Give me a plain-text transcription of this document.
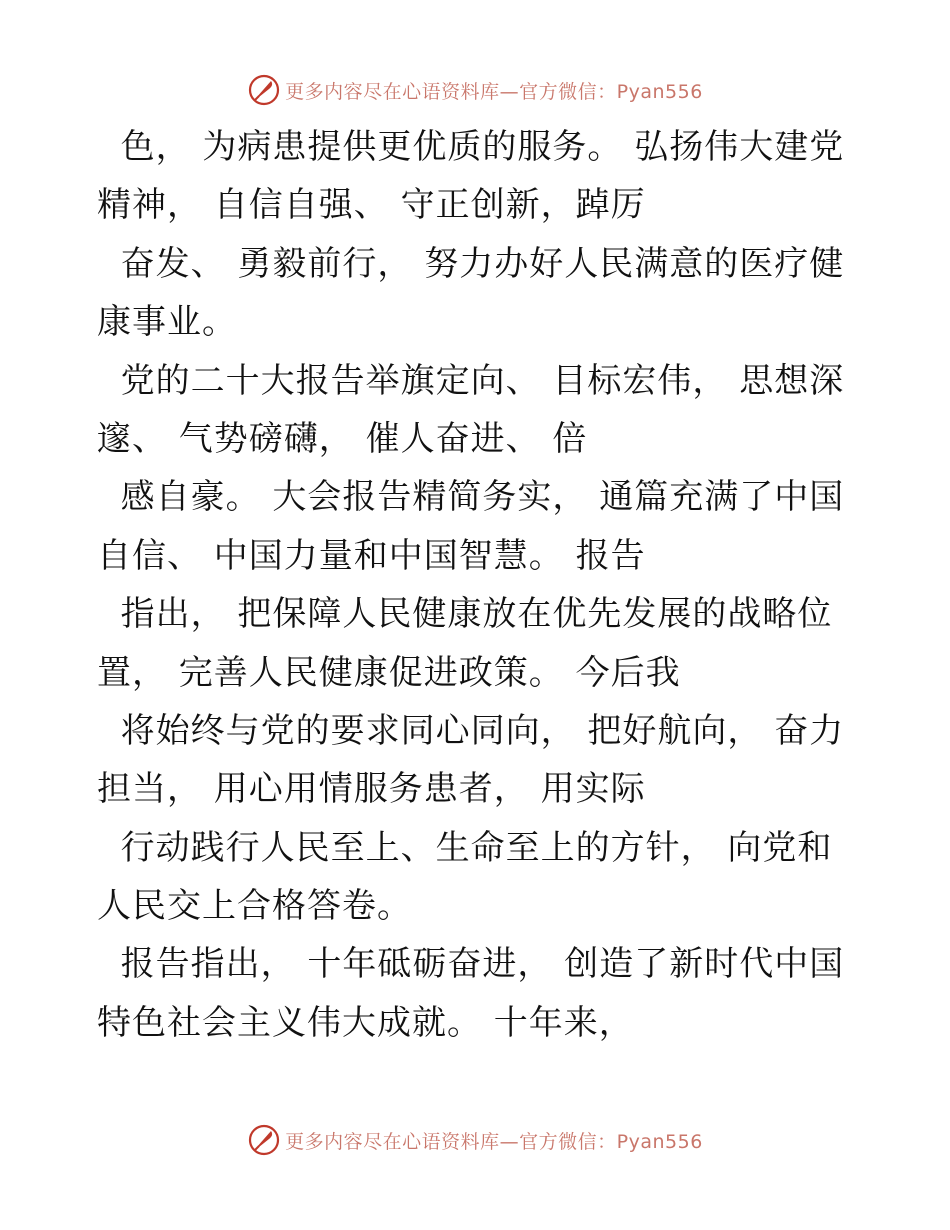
更多内容尽在心语资料库—官方微信：Pyan556
色， 为病患提供更优质的服务。 弘扬伟大建党
精神， 自信自强、 守正创新，踔厉
奋发、 勇毅前行， 努力办好人民满意的医疗健
康事业。
党的二十大报告举旗定向、 目标宏伟， 思想深
邃、 气势磅礴， 催人奋进、 倍
感自豪。 大会报告精简务实， 通篇充满了中国
自信、 中国力量和中国智慧。 报告
指出， 把保障人民健康放在优先发展的战略位
置， 完善人民健康促进政策。 今后我
将始终与党的要求同心同向， 把好航向， 奋力
担当， 用心用情服务患者， 用实际
行动践行人民至上、生命至上的方针， 向党和
人民交上合格答卷。
报告指出， 十年砥砺奋进， 创造了新时代中国
特色社会主义伟大成就。 十年来，
更多内容尽在心语资料库—官方微信：Pyan556
